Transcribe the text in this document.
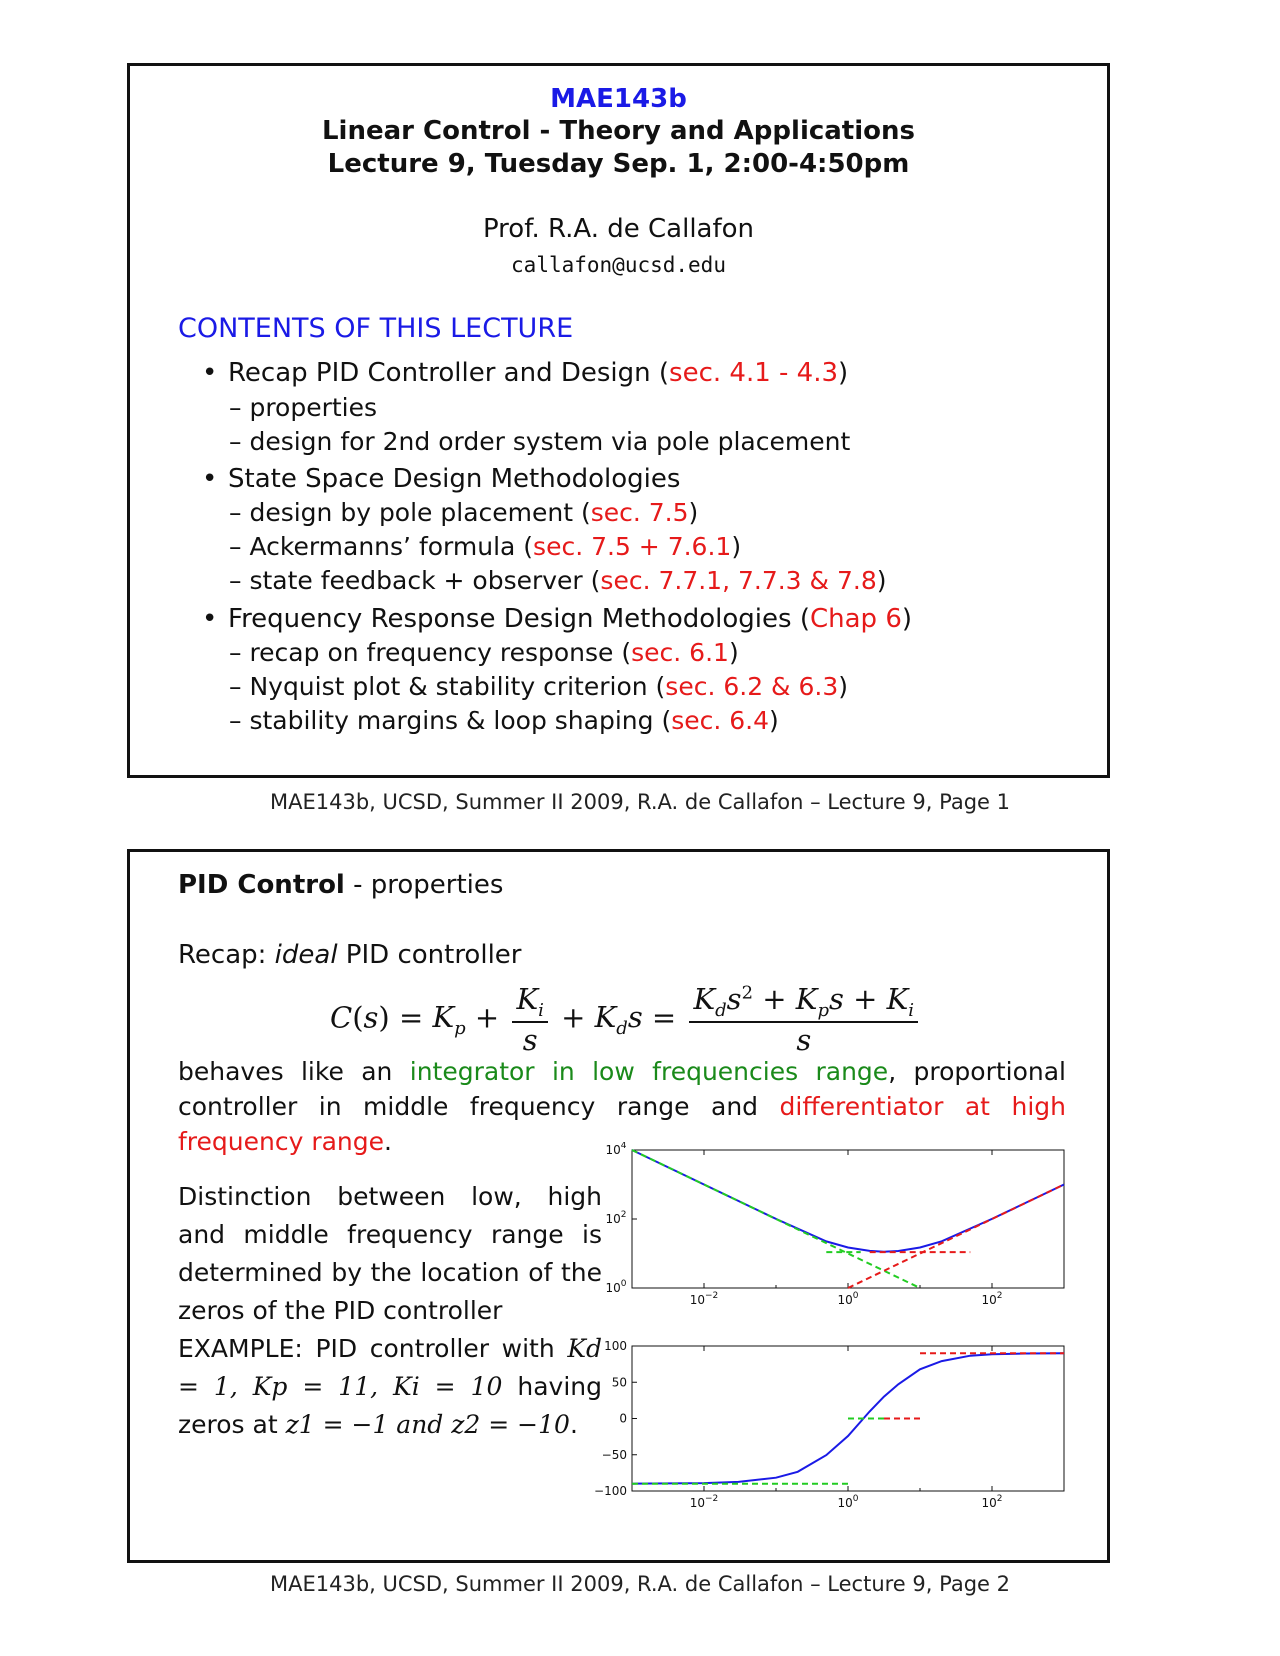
MAE143b
Linear Control - Theory and Applications
Lecture 9, Tuesday Sep. 1, 2:00-4:50pm
Prof. R.A. de Callafon
callafon@ucsd.edu
CONTENTS OF THIS LECTURE
• Recap PID Controller and Design (sec. 4.1 - 4.3)
– properties
– design for 2nd order system via pole placement
• State Space Design Methodologies
– design by pole placement (sec. 7.5)
– Ackermanns’ formula (sec. 7.5 + 7.6.1)
– state feedback + observer (sec. 7.7.1, 7.7.3 & 7.8)
• Frequency Response Design Methodologies (Chap 6)
– recap on frequency response (sec. 6.1)
– Nyquist plot & stability criterion (sec. 6.2 & 6.3)
– stability margins & loop shaping (sec. 6.4)
MAE143b, UCSD, Summer II 2009, R.A. de Callafon – Lecture 9, Page 1
PID Control - properties
Recap: ideal PID controller
$C(s) = K_p + \frac{K_i}{s} + K_ds = \frac{K_ds^2 + K_ps + K_i}{s}$
behaves like an integrator in low frequencies range, proportional controller in middle frequency range and differentiator at high frequency range.
Distinction between low, high and middle frequency range is determined by the location of the zeros of the PID controller
EXAMPLE: PID controller with Kd = 1, Kp = 11, Ki = 10 having zeros at z1 = −1 and z2 = −10.
$10^{-2}$	$10^0$	$10^2$
$10^0$
$10^2$
$10^4$
$10^{-2}$	$10^0$	$10^2$
−100
−50
0
50
100
MAE143b, UCSD, Summer II 2009, R.A. de Callafon – Lecture 9, Page 2
